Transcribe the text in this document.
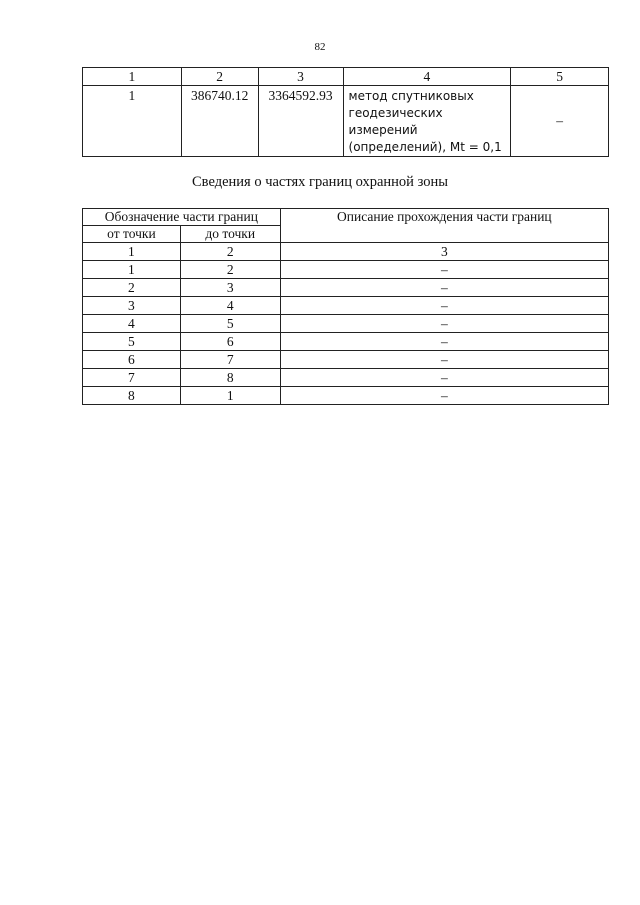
82
1	2	3	4	5
1	386740.12	3364592.93	метод спутниковых
геодезических
измерений
(определений), Mt = 0,1	–
Сведения о частях границ охранной зоны
Обозначение части границ		Описание прохождения части границ
от точки	до точки	
1	2	3
1	2	–
2	3	–
3	4	–
4	5	–
5	6	–
6	7	–
7	8	–
8	1	–
